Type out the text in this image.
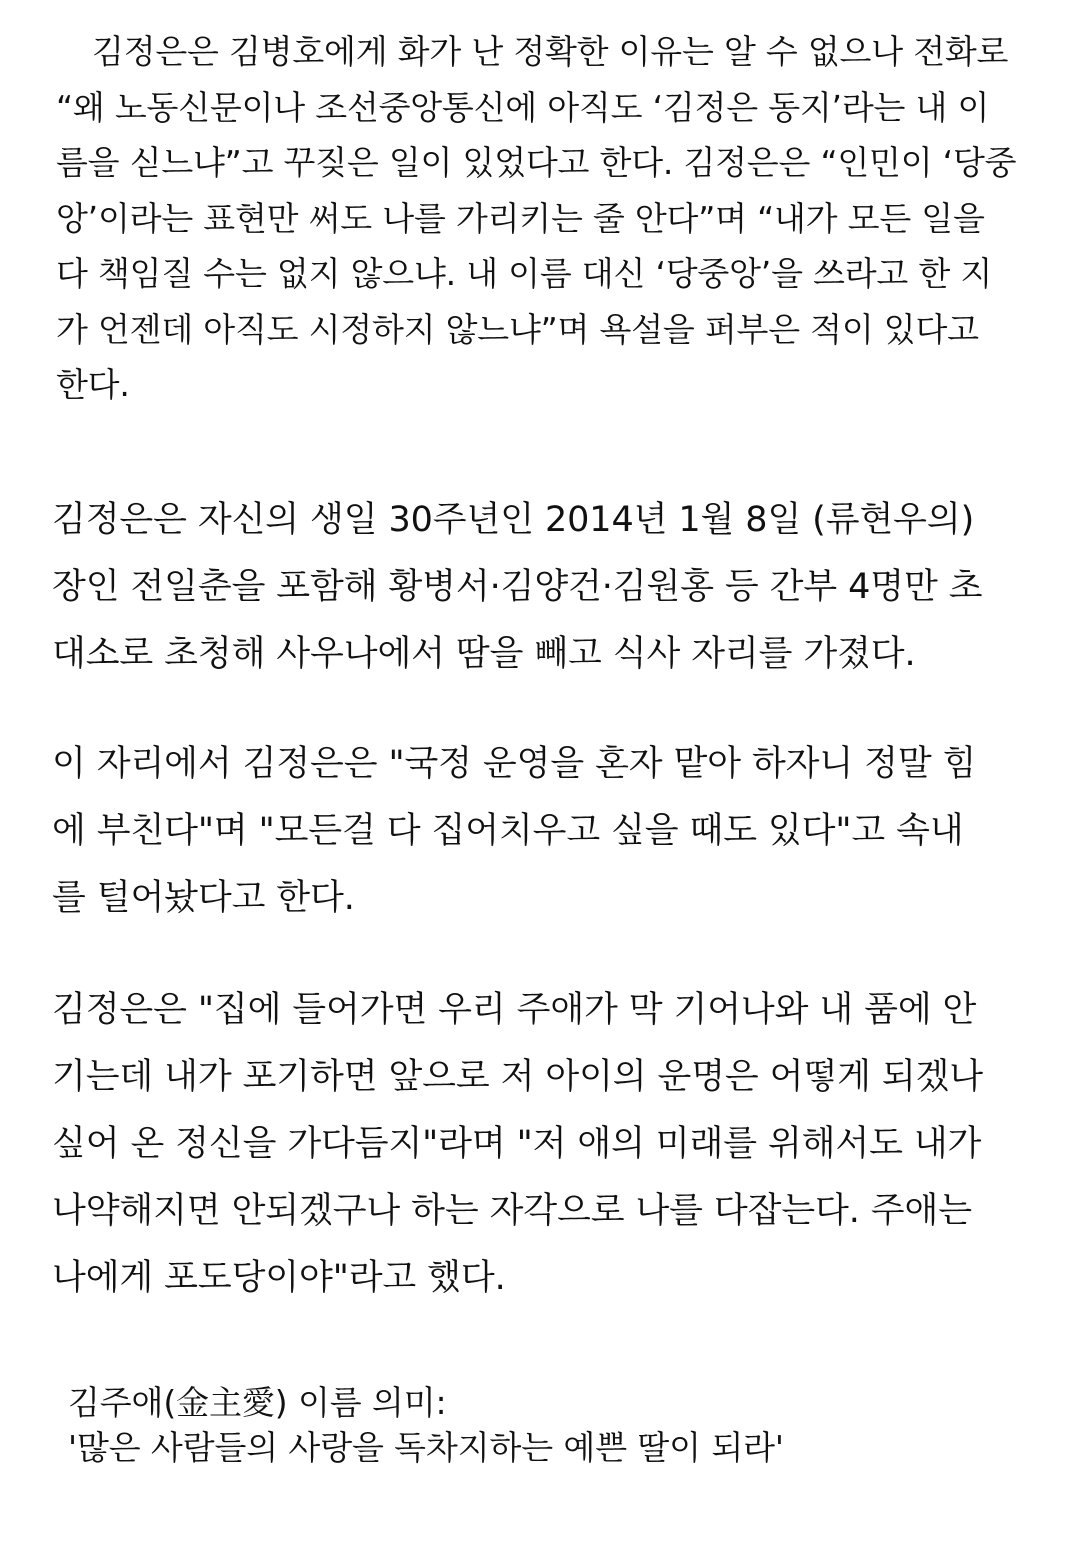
김정은은 김병호에게 화가 난 정확한 이유는 알 수 없으나 전화로
“왜 노동신문이나 조선중앙통신에 아직도 ‘김정은 동지’라는 내 이
름을 싣느냐”고 꾸짖은 일이 있었다고 한다. 김정은은 “인민이 ‘당중
앙’이라는 표현만 써도 나를 가리키는 줄 안다”며 “내가 모든 일을
다 책임질 수는 없지 않으냐. 내 이름 대신 ‘당중앙’을 쓰라고 한 지
가 언젠데 아직도 시정하지 않느냐”며 욕설을 퍼부은 적이 있다고
한다.
김정은은 자신의 생일 30주년인 2014년 1월 8일 (류현우의)
장인 전일춘을 포함해 황병서·김양건·김원홍 등 간부 4명만 초
대소로 초청해 사우나에서 땀을 빼고 식사 자리를 가졌다.
이 자리에서 김정은은 "국정 운영을 혼자 맡아 하자니 정말 힘
에 부친다"며 "모든걸 다 집어치우고 싶을 때도 있다"고 속내
를 털어놨다고 한다.
김정은은 "집에 들어가면 우리 주애가 막 기어나와 내 품에 안
기는데 내가 포기하면 앞으로 저 아이의 운명은 어떻게 되겠나
싶어 온 정신을 가다듬지"라며 "저 애의 미래를 위해서도 내가
나약해지면 안되겠구나 하는 자각으로 나를 다잡는다. 주애는
나에게 포도당이야"라고 했다.
김주애(金主愛) 이름 의미:
'많은 사람들의 사랑을 독차지하는 예쁜 딸이 되라'
